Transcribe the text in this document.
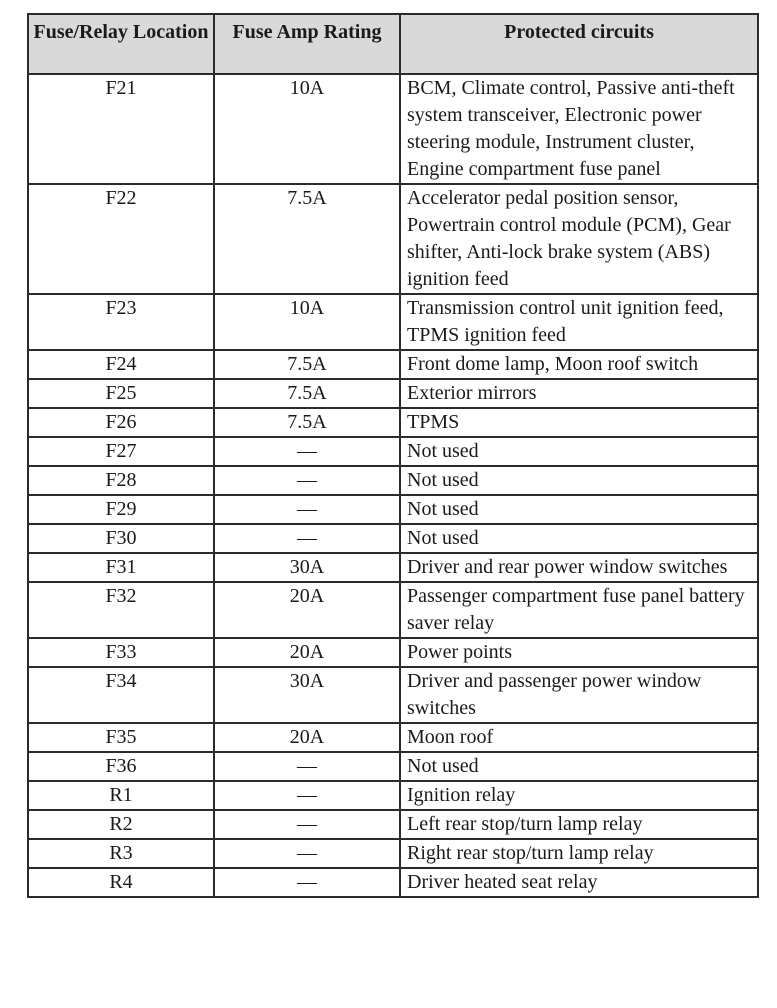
Fuse/Relay Location	Fuse Amp Rating	Protected circuits
F21	10A	BCM, Climate control, Passive anti-theft system transceiver, Electronic power steering module, Instrument cluster, Engine compartment fuse panel
F22	7.5A	Accelerator pedal position sensor, Powertrain control module (PCM), Gear shifter, Anti-lock brake system (ABS) ignition feed
F23	10A	Transmission control unit ignition feed, TPMS ignition feed
F24	7.5A	Front dome lamp, Moon roof switch
F25	7.5A	Exterior mirrors
F26	7.5A	TPMS
F27	—	Not used
F28	—	Not used
F29	—	Not used
F30	—	Not used
F31	30A	Driver and rear power window switches
F32	20A	Passenger compartment fuse panel battery saver relay
F33	20A	Power points
F34	30A	Driver and passenger power window switches
F35	20A	Moon roof
F36	—	Not used
R1	—	Ignition relay
R2	—	Left rear stop/turn lamp relay
R3	—	Right rear stop/turn lamp relay
R4	—	Driver heated seat relay
